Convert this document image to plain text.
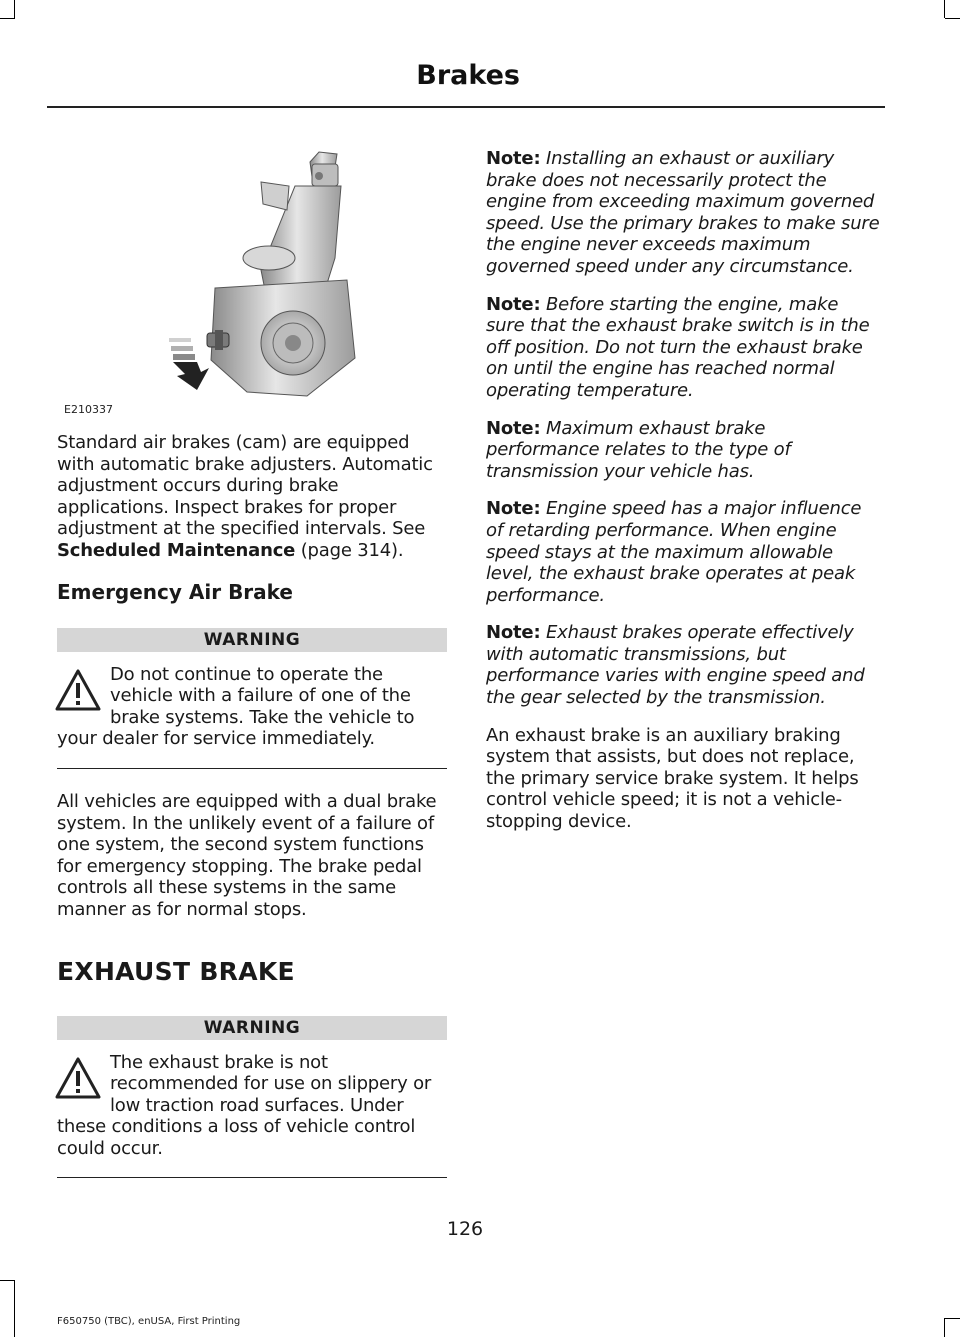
Brakes
E210337

Standard air brakes (cam) are equipped with automatic brake adjusters. Automatic adjustment occurs during brake applications. Inspect brakes for proper adjustment at the specified intervals. See Scheduled Maintenance (page 314).

Emergency Air Brake
WARNING
Do not continue to operate the vehicle with a failure of one of the brake systems. Take the vehicle to your dealer for service immediately.

All vehicles are equipped with a dual brake system. In the unlikely event of a failure of one system, the second system functions for emergency stopping. The brake pedal controls all these systems in the same manner as for normal stops.

EXHAUST BRAKE
WARNING
The exhaust brake is not recommended for use on slippery or low traction road surfaces. Under these conditions a loss of vehicle control could occur.

Note: Installing an exhaust or auxiliary brake does not necessarily protect the engine from exceeding maximum governed speed. Use the primary brakes to make sure the engine never exceeds maximum governed speed under any circumstance.

Note: Before starting the engine, make sure that the exhaust brake switch is in the off position. Do not turn the exhaust brake on until the engine has reached normal operating temperature.

Note: Maximum exhaust brake performance relates to the type of transmission your vehicle has.

Note: Engine speed has a major influence of retarding performance. When engine speed stays at the maximum allowable level, the exhaust brake operates at peak performance.

Note: Exhaust brakes operate effectively with automatic transmissions, but performance varies with engine speed and the gear selected by the transmission.

An exhaust brake is an auxiliary braking system that assists, but does not replace, the primary service brake system. It helps control vehicle speed; it is not a vehicle-stopping device.

126
F650750 (TBC), enUSA, First Printing
